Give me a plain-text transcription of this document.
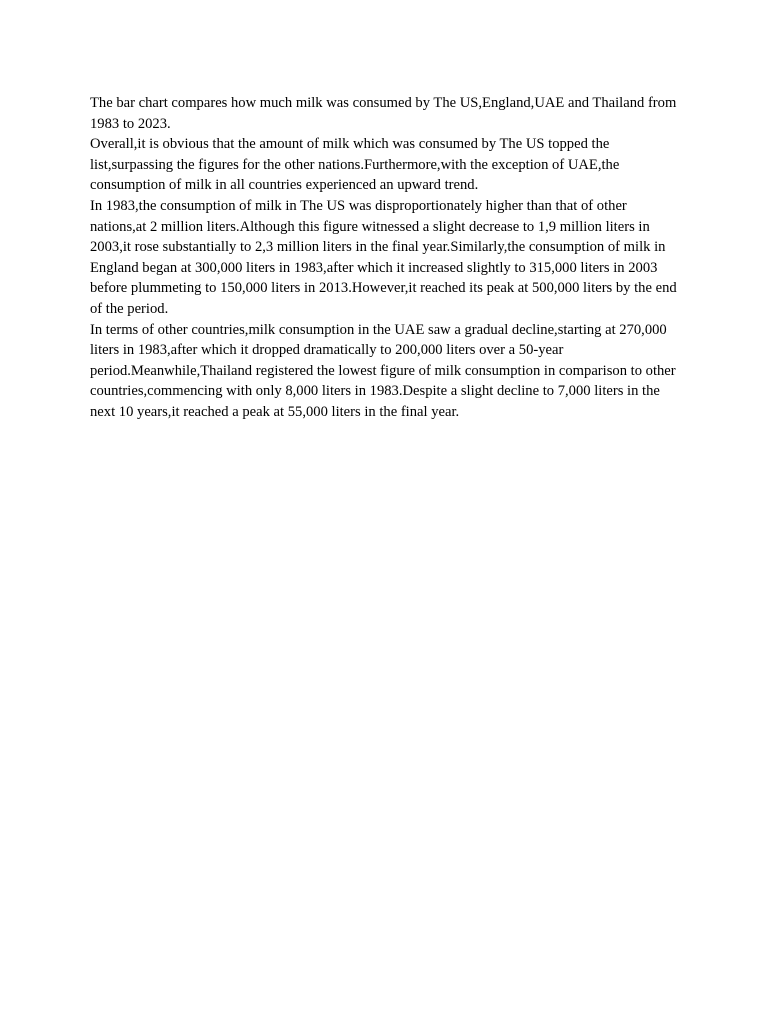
The bar chart compares how much milk was consumed by The US,England,UAE and Thailand from 1983 to 2023.

Overall,it is obvious that the amount of milk which was consumed by The US topped the list,surpassing the figures for the other nations.Furthermore,with the exception of UAE,the consumption of milk in all countries experienced an upward trend.

In 1983,the consumption of milk in The US was disproportionately higher than that of other nations,at 2 million liters.Although this figure witnessed a slight decrease to 1,9 million liters in 2003,it rose substantially to 2,3 million liters in the final year.Similarly,the consumption of milk in England began at 300,000 liters in 1983,after which it increased slightly to 315,000 liters in 2003 before plummeting to 150,000 liters in 2013.However,it reached its peak at 500,000 liters by the end of the period.

In terms of other countries,milk consumption in the UAE saw a gradual decline,starting at 270,000 liters in 1983,after which it dropped dramatically to 200,000 liters over a 50-year period.Meanwhile,Thailand registered the lowest figure of milk consumption in comparison to other countries,commencing with only 8,000 liters in 1983.Despite a slight decline to 7,000 liters in the next 10 years,it reached a peak at 55,000 liters in the final year.
